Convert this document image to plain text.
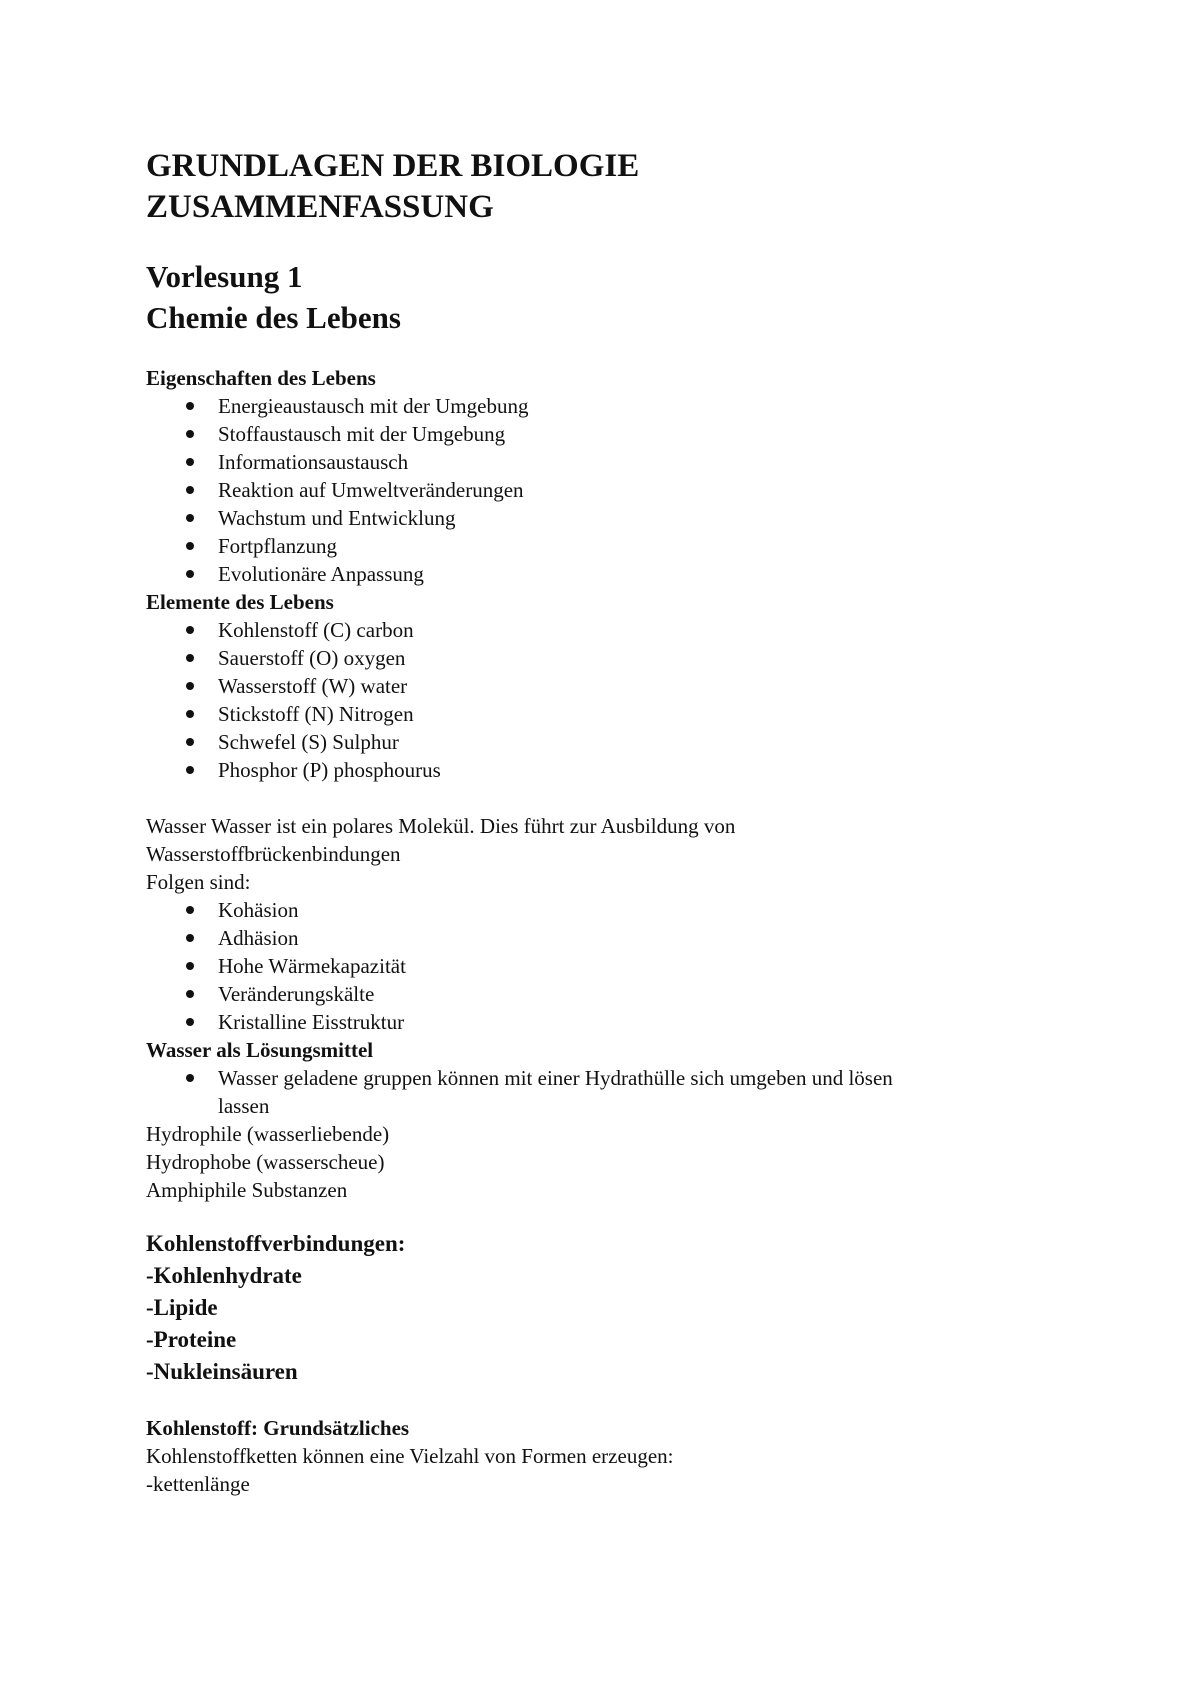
GRUNDLAGEN DER BIOLOGIE
ZUSAMMENFASSUNG
Vorlesung 1
Chemie des Lebens

Eigenschaften des Lebens

Energieaustausch mit der Umgebung
Stoffaustausch mit der Umgebung
Informationsaustausch
Reaktion auf Umweltveränderungen
Wachstum und Entwicklung
Fortpflanzung
Evolutionäre Anpassung

Elemente des Lebens

Kohlenstoff (C) carbon
Sauerstoff (O) oxygen
Wasserstoff (W) water
Stickstoff (N) Nitrogen
Schwefel (S) Sulphur
Phosphor (P) phosphourus

Wasser Wasser ist ein polares Molekül. Dies führt zur Ausbildung von
Wasserstoffbrückenbindungen

Folgen sind:

Kohäsion
Adhäsion
Hohe Wärmekapazität
Veränderungskälte
Kristalline Eisstruktur

Wasser als Lösungsmittel

Wasser geladene gruppen können mit einer Hydrathülle sich umgeben und lösen
lassen

Hydrophile (wasserliebende)

Hydrophobe (wasserscheue)

Amphiphile Substanzen

Kohlenstoffverbindungen:

-Kohlenhydrate

-Lipide

-Proteine

-Nukleinsäuren

Kohlenstoff: Grundsätzliches

Kohlenstoffketten können eine Vielzahl von Formen erzeugen:

-kettenlänge
